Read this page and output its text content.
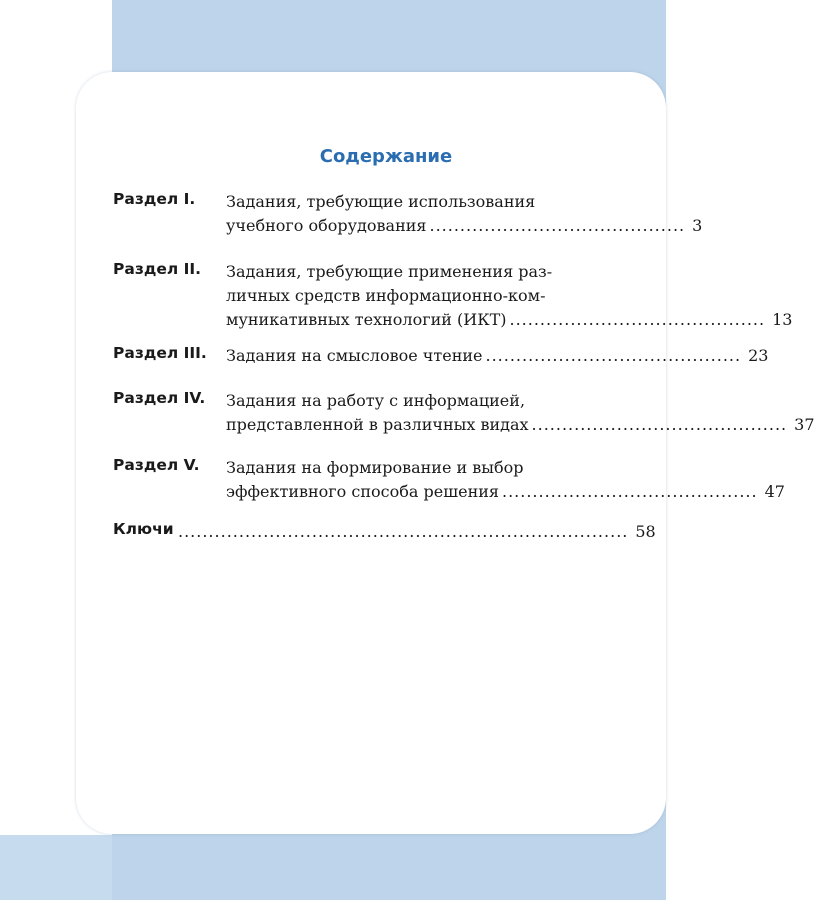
Содержание
Раздел I.	Задания, требующие использования
учебного оборудования .......................................... 3
Раздел II.	Задания, требующие применения раз-
личных средств информационно-ком-
муникативных технологий (ИКТ) .......................................... 13
Раздел III.	Задания на смысловое чтение .......................................... 23
Раздел IV.	Задания на работу с информацией,
представленной в различных видах .......................................... 37
Раздел V.	Задания на формирование и выбор
эффективного способа решения .......................................... 47
Ключи .......................................................................... 58
